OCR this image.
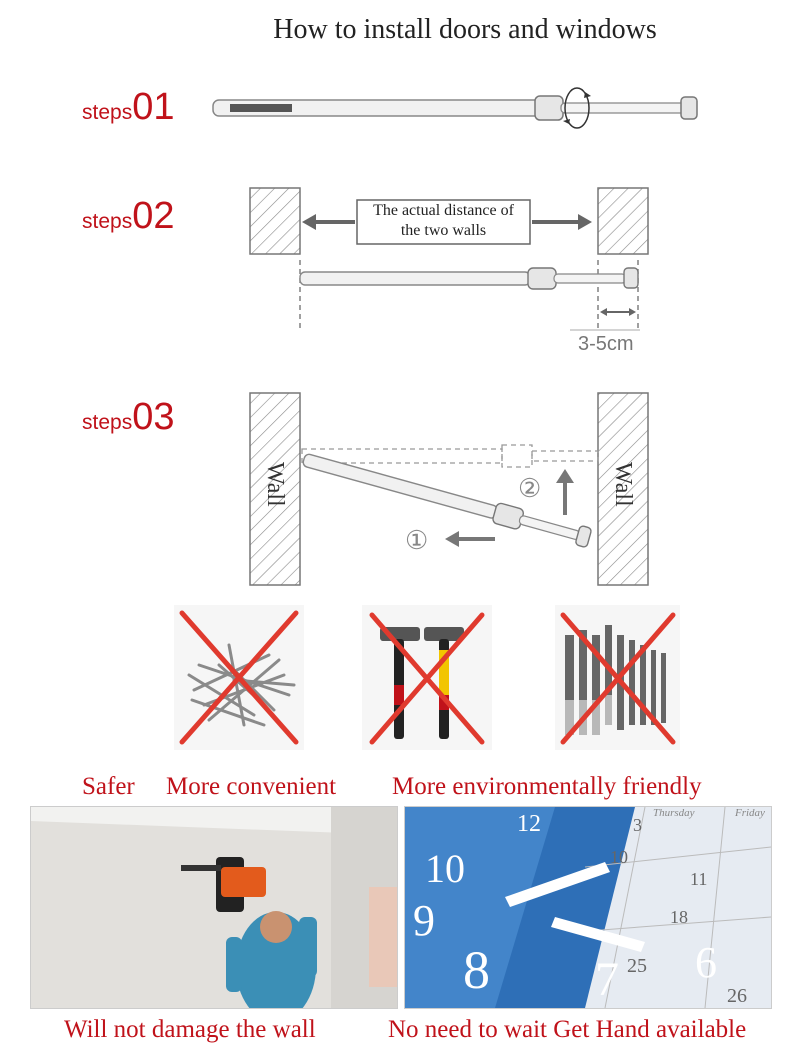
How to install doors and windows
steps01
steps02	The actual distance of
the two walls
3-5cm
steps03
Wall	Wall
②
①
Safer More convenient More environmentally friendly
Thursday	Friday
12
10
9
8 7 6
3
10
11
18
25
26
Will not damage the wall	No need to wait Get Hand available
